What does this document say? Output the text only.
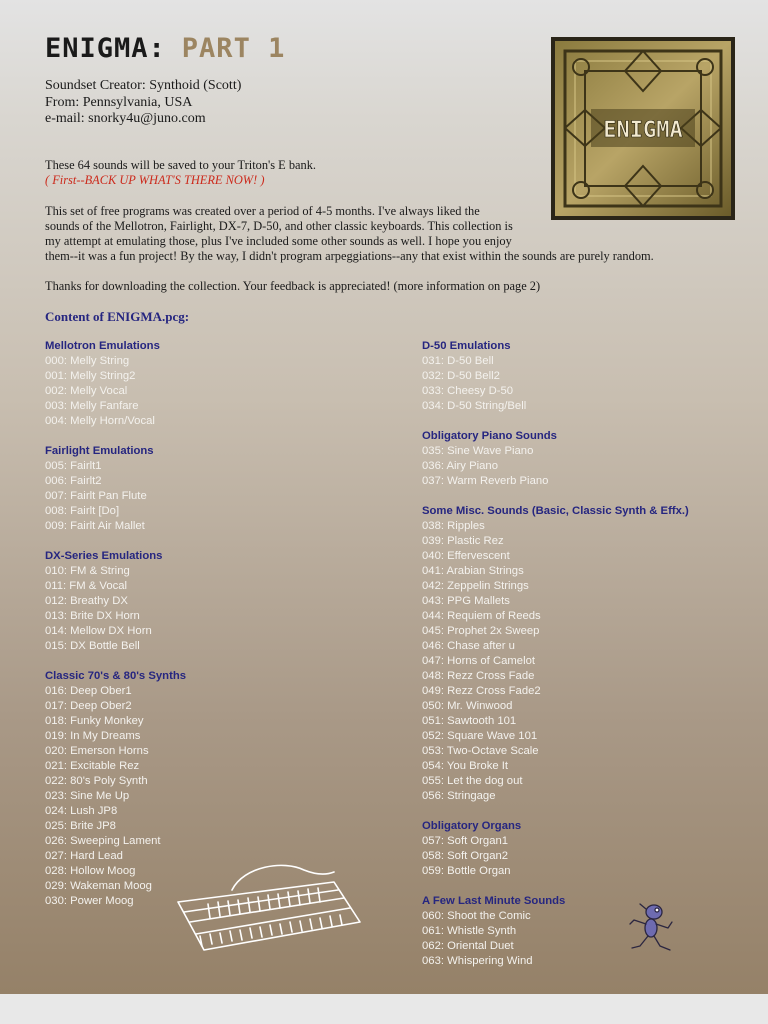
ENIGMA: PART 1
Soundset Creator: Synthoid (Scott)
From: Pennsylvania, USA
e-mail: snorky4u@juno.com	ENIGMA
These 64 sounds will be saved to your Triton's E bank.
( First--BACK UP WHAT'S THERE NOW! )
This set of free programs was created over a period of 4-5 months. I've always liked the
sounds of the Mellotron, Fairlight, DX-7, D-50, and other classic keyboards. This collection is
my attempt at emulating those, plus I've included some other sounds as well. I hope you enjoy
them--it was a fun project! By the way, I didn't program arpeggiations--any that exist within the sounds are purely random.
Thanks for downloading the collection. Your feedback is appreciated! (more information on page 2)
Content of ENIGMA.pcg:
Mellotron Emulations
000: Melly String
001: Melly String2
002: Melly Vocal
003: Melly Fanfare
004: Melly Horn/Vocal
Fairlight Emulations
005: Fairlt1
006: Fairlt2
007: Fairlt Pan Flute
008: Fairlt [Do]
009: Fairlt Air Mallet
DX-Series Emulations
010: FM & String
011: FM & Vocal
012: Breathy DX
013: Brite DX Horn
014: Mellow DX Horn
015: DX Bottle Bell
Classic 70's & 80's Synths
016: Deep Ober1
017: Deep Ober2
018: Funky Monkey
019: In My Dreams
020: Emerson Horns
021: Excitable Rez
022: 80's Poly Synth
023: Sine Me Up
024: Lush JP8
025: Brite JP8
026: Sweeping Lament
027: Hard Lead
028: Hollow Moog
029: Wakeman Moog
030: Power Moog
D-50 Emulations
031: D-50 Bell
032: D-50 Bell2
033: Cheesy D-50
034: D-50 String/Bell
Obligatory Piano Sounds
035: Sine Wave Piano
036: Airy Piano
037: Warm Reverb Piano
Some Misc. Sounds (Basic, Classic Synth & Effx.)
038: Ripples
039: Plastic Rez
040: Effervescent
041: Arabian Strings
042: Zeppelin Strings
043: PPG Mallets
044: Requiem of Reeds
045: Prophet 2x Sweep
046: Chase after u
047: Horns of Camelot
048: Rezz Cross Fade
049: Rezz Cross Fade2
050: Mr. Winwood
051: Sawtooth 101
052: Square Wave 101
053: Two-Octave Scale
054: You Broke It
055: Let the dog out
056: Stringage
Obligatory Organs
057: Soft Organ1
058: Soft Organ2
059: Bottle Organ
A Few Last Minute Sounds
060: Shoot the Comic
061: Whistle Synth
062: Oriental Duet
063: Whispering Wind
